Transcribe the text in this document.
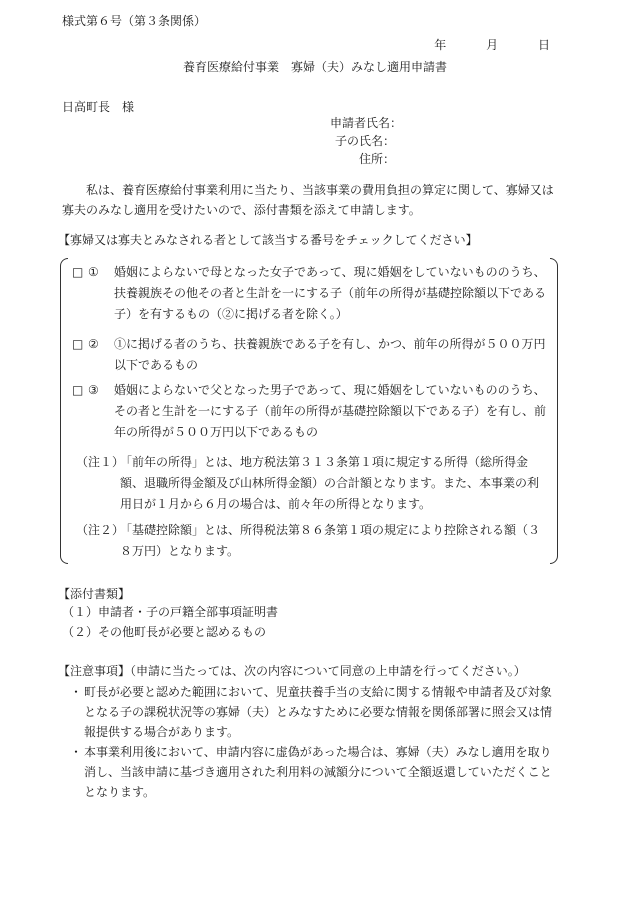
様式第６号（第３条関係）
年	月	日
養育医療給付事業　寡婦（夫）みなし適用申請書
日高町長　様
申請者氏名：
子の氏名：
住所：

私は、養育医療給付事業利用に当たり、当該事業の費用負担の算定に関して、寡婦又は寡夫のみなし適用を受けたいので、添付書類を添えて申請します。

【寡婦又は寡夫とみなされる者として該当する番号をチェックしてください】
□ ① 婚姻によらないで母となった女子であって、現に婚姻をしていないもののうち、扶養親族その他その者と生計を一にする子（前年の所得が基礎控除額以下である子）を有するもの（②に掲げる者を除く。）
□ ② ①に掲げる者のうち、扶養親族である子を有し、かつ、前年の所得が５００万円以下であるもの
□ ③ 婚姻によらないで父となった男子であって、現に婚姻をしていないもののうち、その者と生計を一にする子（前年の所得が基礎控除額以下である子）を有し、前年の所得が５００万円以下であるもの
（注１）
「前年の所得」とは、地方税法第３１３条第１項に規定する所得（総所得金額、退職所得金額及び山林所得金額）の合計額となります。また、本事業の利用日が１月から６月の場合は、前々年の所得となります。
（注２）
「基礎控除額」とは、所得税法第８６条第１項の規定により控除される額（３８万円）となります。
【添付書類】
（１）申請者・子の戸籍全部事項証明書
（２）その他町長が必要と認めるもの
【注意事項】（申請に当たっては、次の内容について同意の上申請を行ってください。）
・ 町長が必要と認めた範囲において、児童扶養手当の支給に関する情報や申請者及び対象となる子の課税状況等の寡婦（夫）とみなすために必要な情報を関係部署に照会又は情報提供する場合があります。
・ 本事業利用後において、申請内容に虚偽があった場合は、寡婦（夫）みなし適用を取り消し、当該申請に基づき適用された利用料の減額分について全額返還していただくこととなります。
